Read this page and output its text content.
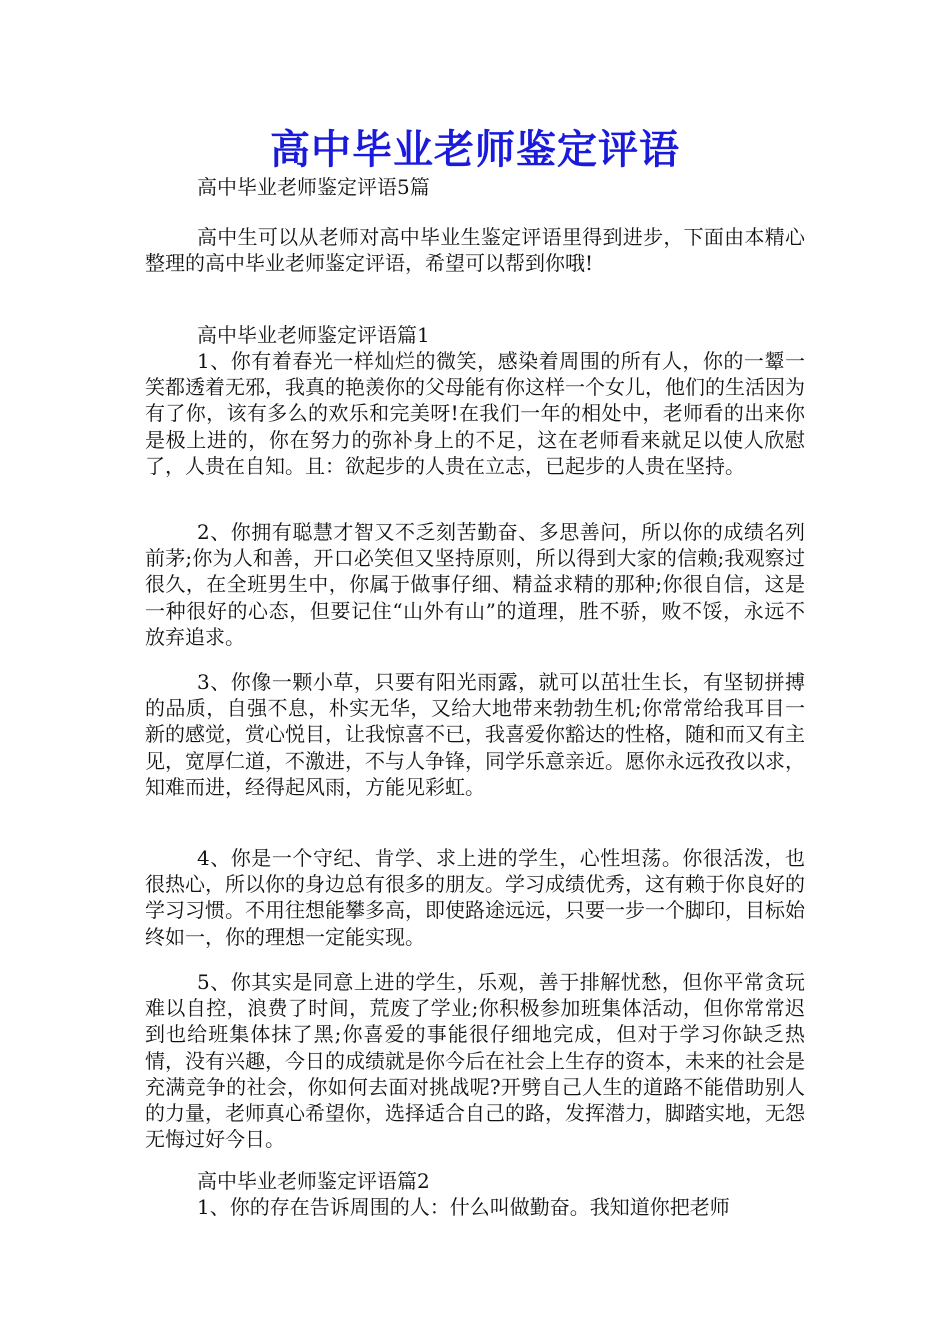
高中毕业老师鉴定评语
高中毕业老师鉴定评语5篇

高中生可以从老师对高中毕业生鉴定评语里得到进步，下面由本精心整理的高中毕业老师鉴定评语，希望可以帮到你哦!

高中毕业老师鉴定评语篇1

1、你有着春光一样灿烂的微笑，感染着周围的所有人，你的一颦一笑都透着无邪，我真的艳羡你的父母能有你这样一个女儿，他们的生活因为有了你，该有多么的欢乐和完美呀!在我们一年的相处中，老师看的出来你是极上进的，你在努力的弥补身上的不足，这在老师看来就足以使人欣慰了，人贵在自知。且：欲起步的人贵在立志，已起步的人贵在坚持。

2、你拥有聪慧才智又不乏刻苦勤奋、多思善问，所以你的成绩名列前茅;你为人和善，开口必笑但又坚持原则，所以得到大家的信赖;我观察过很久，在全班男生中，你属于做事仔细、精益求精的那种;你很自信，这是一种很好的心态，但要记住“山外有山”的道理，胜不骄，败不馁，永远不放弃追求。

3、你像一颗小草，只要有阳光雨露，就可以茁壮生长，有坚韧拼搏的品质，自强不息，朴实无华，又给大地带来勃勃生机;你常常给我耳目一新的感觉，赏心悦目，让我惊喜不已，我喜爱你豁达的性格，随和而又有主见，宽厚仁道，不激进，不与人争锋，同学乐意亲近。愿你永远孜孜以求，知难而进，经得起风雨，方能见彩虹。

4、你是一个守纪、肯学、求上进的学生，心性坦荡。你很活泼，也很热心，所以你的身边总有很多的朋友。学习成绩优秀，这有赖于你良好的学习习惯。不用往想能攀多高，即使路途远远，只要一步一个脚印，目标始终如一，你的理想一定能实现。

5、你其实是同意上进的学生，乐观，善于排解忧愁，但你平常贪玩难以自控，浪费了时间，荒废了学业;你积极参加班集体活动，但你常常迟到也给班集体抹了黑;你喜爱的事能很仔细地完成，但对于学习你缺乏热情，没有兴趣，今日的成绩就是你今后在社会上生存的资本，未来的社会是充满竞争的社会，你如何去面对挑战呢?开劈自己人生的道路不能借助别人的力量，老师真心希望你，选择适合自己的路，发挥潜力，脚踏实地，无怨无悔过好今日。

高中毕业老师鉴定评语篇2

1、你的存在告诉周围的人：什么叫做勤奋。我知道你把老师
